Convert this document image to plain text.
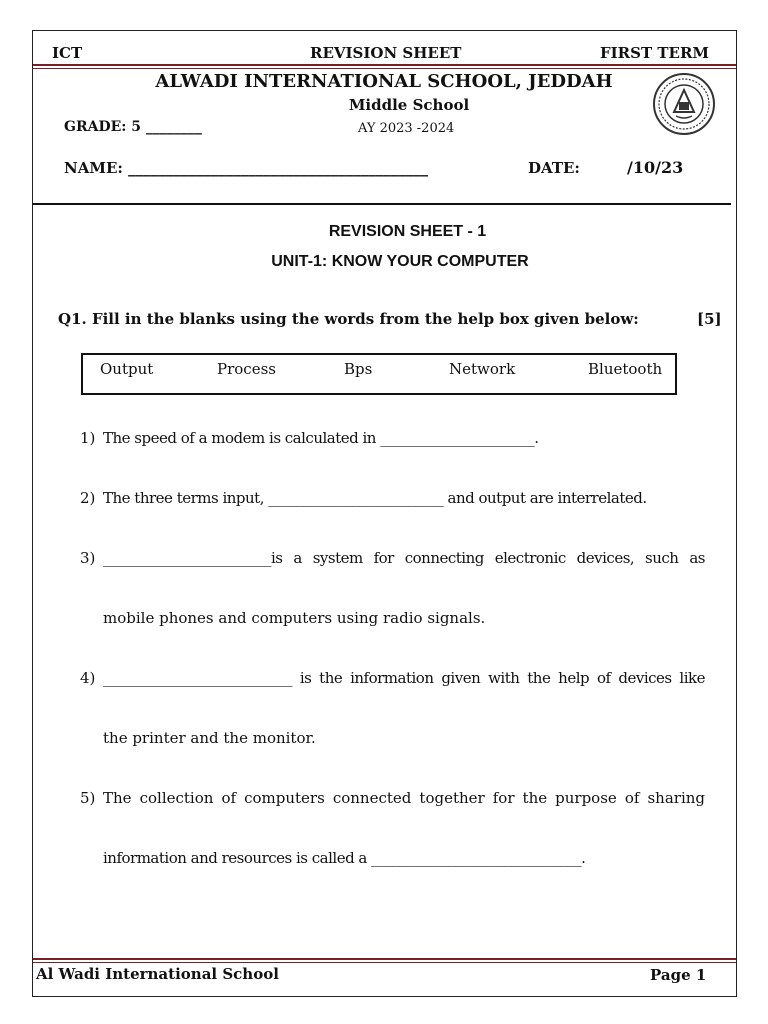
ICT	REVISION SHEET	FIRST TERM
ALWADI INTERNATIONAL SCHOOL, JEDDAH
Middle School
GRADE: 5 ________	AY 2023 -2024
NAME: ________________________________________	DATE:	/10/23
REVISION SHEET - 1
UNIT-1: KNOW YOUR COMPUTER
Q1. Fill in the blanks using the words from the help box given below:	[5]
Output	Process	Bps	Network	Bluetooth
1) The speed of a modem is calculated in ______________________.
2) The three terms input, _________________________ and output are interrelated.
3) ________________________is a system for connecting electronic devices, such as
mobile phones and computers using radio signals.
4) ___________________________ is the information given with the help of devices like
the printer and the monitor.
5) The collection of computers connected together for the purpose of sharing
information and resources is called a ______________________________.
Al Wadi International School	Page 1
